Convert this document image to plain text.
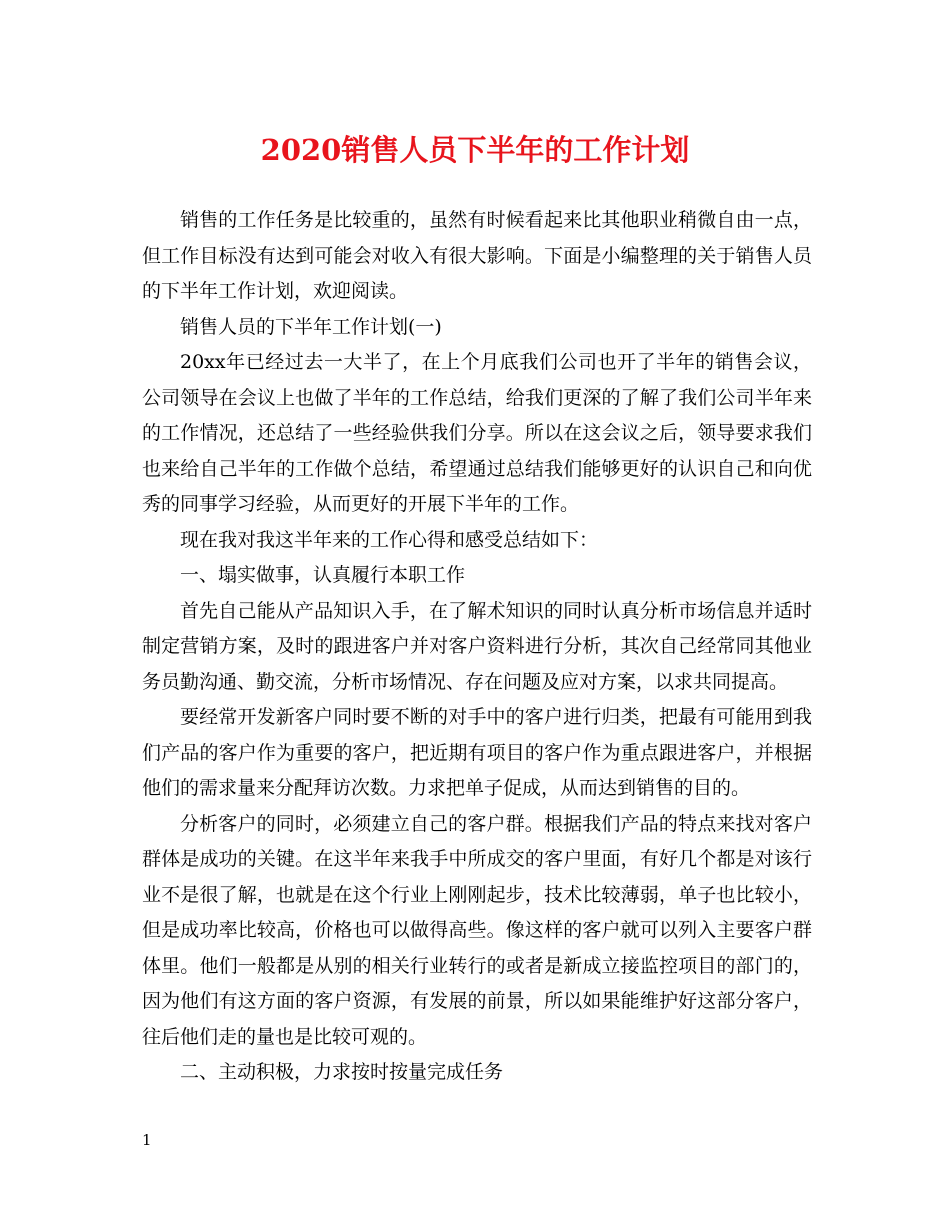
2020销售人员下半年的工作计划

销售的工作任务是比较重的，虽然有时候看起来比其他职业稍微自由一点，但工作目标没有达到可能会对收入有很大影响。下面是小编整理的关于销售人员的下半年工作计划，欢迎阅读。

销售人员的下半年工作计划(一)

20xx年已经过去一大半了，在上个月底我们公司也开了半年的销售会议，公司领导在会议上也做了半年的工作总结，给我们更深的了解了我们公司半年来的工作情况，还总结了一些经验供我们分享。所以在这会议之后，领导要求我们也来给自己半年的工作做个总结，希望通过总结我们能够更好的认识自己和向优秀的同事学习经验，从而更好的开展下半年的工作。

现在我对我这半年来的工作心得和感受总结如下：

一、塌实做事，认真履行本职工作

首先自己能从产品知识入手，在了解术知识的同时认真分析市场信息并适时制定营销方案，及时的跟进客户并对客户资料进行分析，其次自己经常同其他业务员勤沟通、勤交流，分析市场情况、存在问题及应对方案，以求共同提高。

要经常开发新客户同时要不断的对手中的客户进行归类，把最有可能用到我们产品的客户作为重要的客户，把近期有项目的客户作为重点跟进客户，并根据他们的需求量来分配拜访次数。力求把单子促成，从而达到销售的目的。

分析客户的同时，必须建立自己的客户群。根据我们产品的特点来找对客户群体是成功的关键。在这半年来我手中所成交的客户里面，有好几个都是对该行业不是很了解，也就是在这个行业上刚刚起步，技术比较薄弱，单子也比较小，但是成功率比较高，价格也可以做得高些。像这样的客户就可以列入主要客户群体里。他们一般都是从别的相关行业转行的或者是新成立接监控项目的部门的，因为他们有这方面的客户资源，有发展的前景，所以如果能维护好这部分客户，往后他们走的量也是比较可观的。

二、主动积极，力求按时按量完成任务

1
